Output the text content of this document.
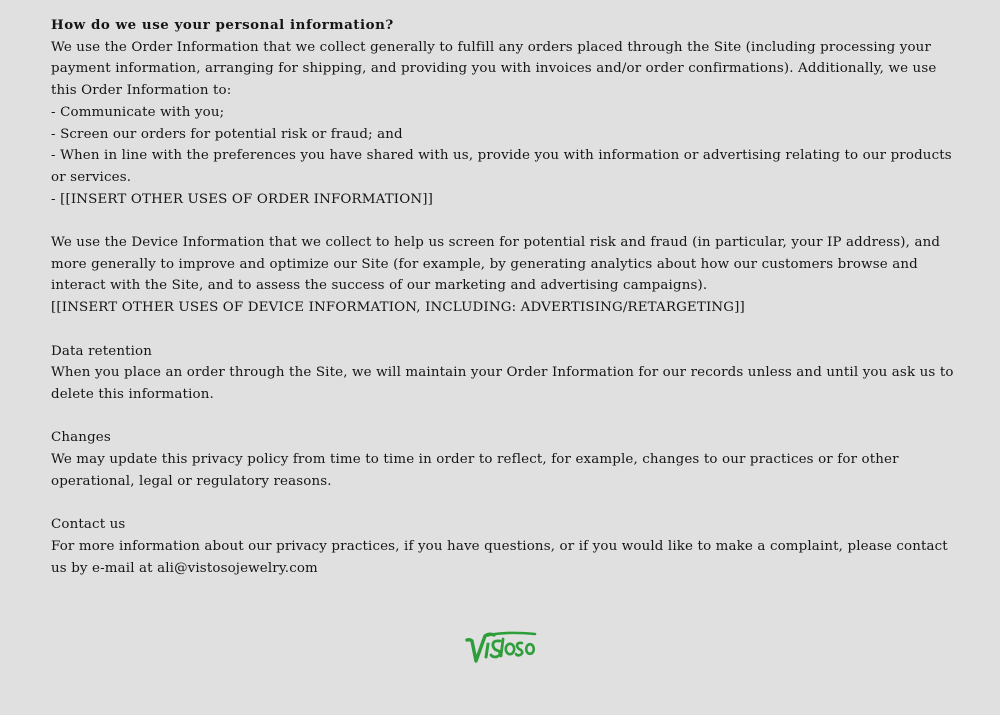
How do we use your personal information?

We use the Order Information that we collect generally to fulfill any orders placed through the Site (including processing your payment information, arranging for shipping, and providing you with invoices and/or order confirmations). Additionally, we use this Order Information to:

- Communicate with you;

- Screen our orders for potential risk or fraud; and

- When in line with the preferences you have shared with us, provide you with information or advertising relating to our products or services.

- [[INSERT OTHER USES OF ORDER INFORMATION]]

We use the Device Information that we collect to help us screen for potential risk and fraud (in particular, your IP address), and more generally to improve and optimize our Site (for example, by generating analytics about how our customers browse and interact with the Site, and to assess the success of our marketing and advertising campaigns).

[[INSERT OTHER USES OF DEVICE INFORMATION, INCLUDING: ADVERTISING/RETARGETING]]

Data retention

When you place an order through the Site, we will maintain your Order Information for our records unless and until you ask us to delete this information.

Changes

We may update this privacy policy from time to time in order to reflect, for example, changes to our practices or for other operational, legal or regulatory reasons.

Contact us

For more information about our privacy practices, if you have questions, or if you would like to make a complaint, please contact us by e-mail at ali@vistosojewelry.com
